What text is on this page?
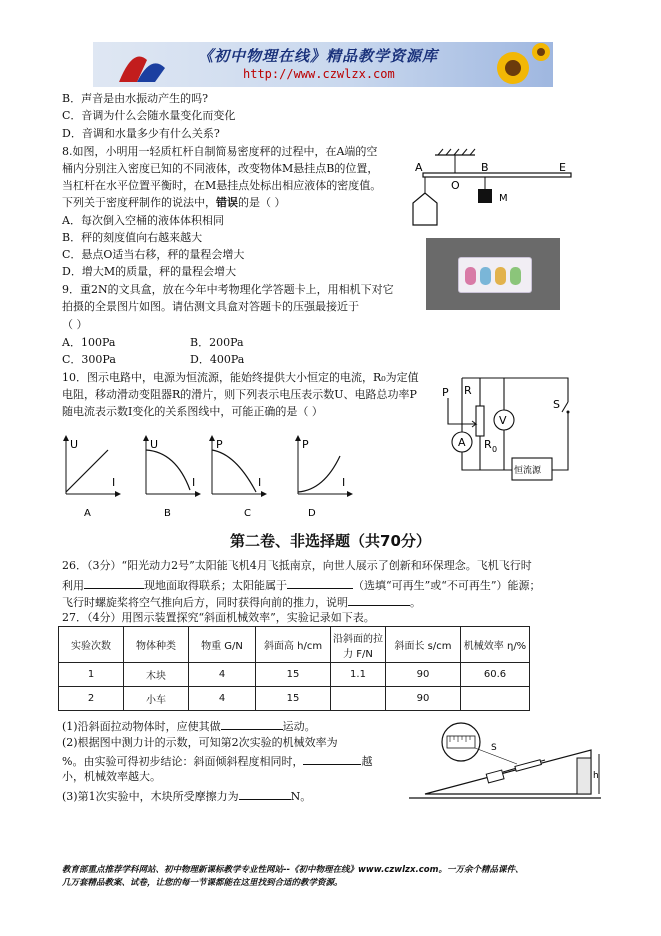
《初中物理在线》精品教学资源库
http://www.czwlzx.com
B．声音是由水振动产生的吗?
C．音调为什么会随水量变化而变化
D．音调和水量多少有什么关系?
8.如图，小明用一轻质杠杆自制简易密度秤的过程中，在A端的空
桶内分别注入密度已知的不同液体，改变物体M悬挂点B的位置，
当杠杆在水平位置平衡时，在M悬挂点处标出相应液体的密度值。
下列关于密度秤制作的说法中，错误的是（ ）
A．每次倒入空桶的液体体积相同
B．秤的刻度值向右越来越大
C．悬点O适当右移，秤的量程会增大
D．增大M的质量，秤的量程会增大
A
O
B	E
M
9．重2N的文具盒，放在今年中考物理化学答题卡上，用相机下对它
拍摄的全景图片如图。请估测文具盒对答题卡的压强最接近于
（ ）
A．100Pa	B．200Pa
C．300Pa	D．400Pa
10．图示电路中，电源为恒流源，能始终提供大小恒定的电流，R₀为定值
电阻，移动滑动变阻器R的滑片，则下列表示电压表示数U、电路总功率P
随电流表示数I变化的关系图线中，可能正确的是（ ）
P R
V
A R 0
S
恒流源
U
I
A
U
I
B
P
I
C
P
I
D
第二卷、非选择题（共70分）
26．（3分）“阳光动力2号”太阳能飞机4月飞抵南京，向世人展示了创新和环保理念。飞机飞行时
利用	现地面取得联系；太阳能属于	（选填“可再生”或“不可再生”）能源；
飞行时螺旋桨将空气推向后方，同时获得向前的推力，说明	。
27．（4分）用图示装置探究“斜面机械效率”，实验记录如下表。
实验次数	物体种类	物重 G/N	斜面高 h/cm	沿斜面的拉力 F/N	斜面长 s/cm	机械效率 η/%
1	木块	4	15	1.1	90	60.6
2	小车	4	15		90	
(1)沿斜面拉动物体时，应使其做	运动。
(2)根据图中测力计的示数，可知第2次实验的机械效率为
%。由实验可得初步结论：斜面倾斜程度相同时，	越
小，机械效率越大。
(3)第1次实验中，木块所受摩擦力为	N。
h
S
教育部重点推荐学科网站、初中物理新课标教学专业性网站--《初中物理在线》www.czwlzx.com。一万余个精品课件、
几万套精品教案、试卷，让您的每一节课都能在这里找到合适的教学资源。
